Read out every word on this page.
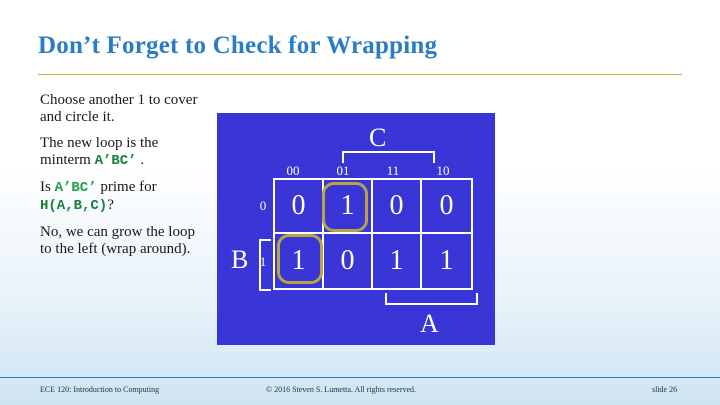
Don’t Forget to Check for Wrapping
Choose another 1 to cover and circle it.
The new loop is the minterm A’BC’ .
Is A’BC’ prime for H(A,B,C)?
No, we can grow the loop to the left (wrap around).
C
B
A
00	01	11	10
0
1
0	1	0	0
1	0	1	1
ECE 120: Introduction to Computing	© 2016 Steven S. Lumetta. All rights reserved.	slide 26
